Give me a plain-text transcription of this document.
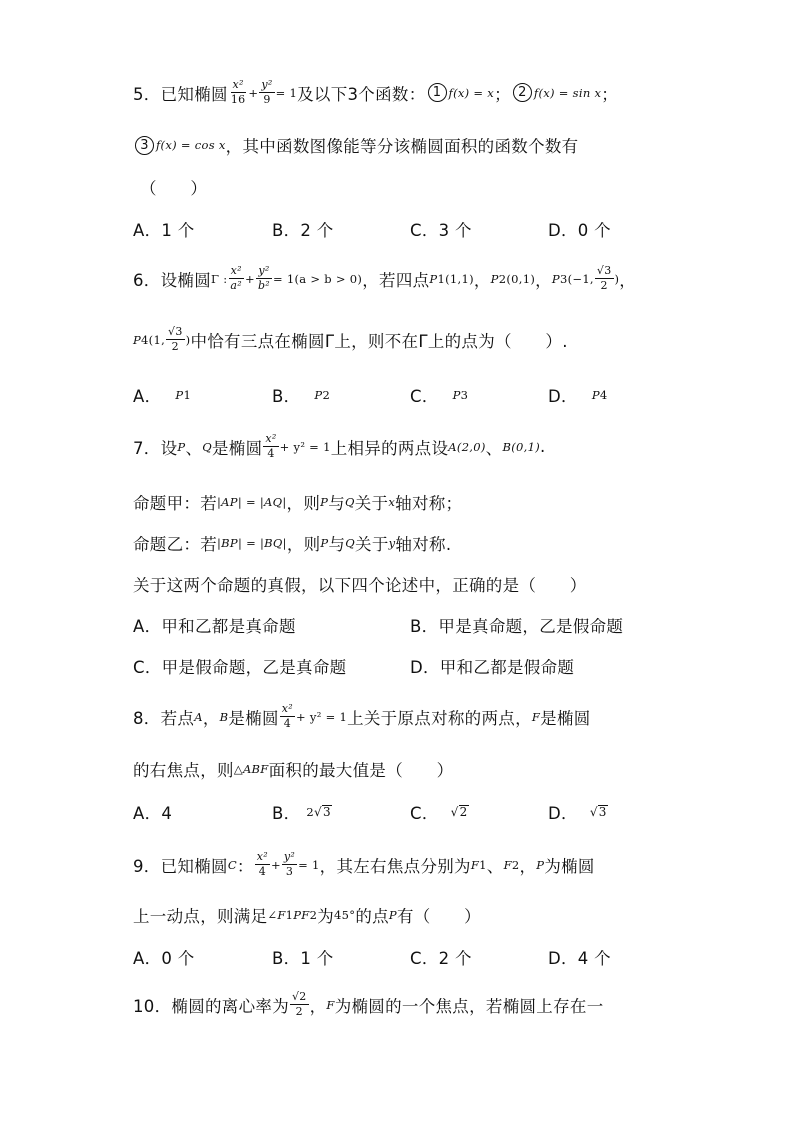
5．已知椭圆 $\frac{\text{x²}}{16} + \frac{\text{y²}}{9} = 1$ 及以下3个函数： 1 f(x) = x ； 2 f(x) = sin x ；
3 f(x) = cos x ，其中函数图像能等分该椭圆面积的函数个数有
（　　）
A．1 个	B．2 个	C．3 个	D．0 个
6．设椭圆 Γ : $\frac{\text{x²}}{\text{a²}} + \frac{\text{y²}}{\text{b²}} = 1(a > b > 0)$ ，若四点 P 1 (1,1) ， P 2 (0,1) ， P 3 (−1, $\frac{√3}{2}$ ) ，
P 4 (1, $\frac{√3}{2}$ ) 中恰有三点在椭圆Γ上，则不在Γ上的点为（　　）.
A． P 1	B． P 2	C． P 3	D． P 4
7．设 P 、 Q 是椭圆 $\frac{\text{x²}}{4} + y^2 = 1$ 上相异的两点设 A(2,0) 、 B(0,1) .
命题甲：若 |AP| = |AQ| ，则 P 与 Q 关于 x 轴对称；
命题乙：若 |BP| = |BQ| ，则 P 与 Q 关于 y 轴对称.
关于这两个命题的真假，以下四个论述中，正确的是（　　）
A．甲和乙都是真命题	B．甲是真命题，乙是假命题
C．甲是假命题，乙是真命题	D．甲和乙都是假命题
8．若点 A ， B 是椭圆 $\frac{\text{x²}}{4} + y^2 = 1$ 上关于原点对称的两点， F 是椭圆
的右焦点，则 △ABF 面积的最大值是（　　）
A．4	B． 2 √ 3	C． √ 2	D． √ 3
9．已知椭圆 C ： $\frac{\text{x²}}{4} + \frac{\text{y²}}{3} = 1$ ，其左右焦点分别为 F 1 、 F 2 ， P 为椭圆
上一动点，则满足 ∠F 1 PF 2 为 45° 的点 P 有（　　）
A．0 个	B．1 个	C．2 个	D．4 个
10．椭圆的离心率为 $\frac{√2}{2}$ ， F 为椭圆的一个焦点，若椭圆上存在一
